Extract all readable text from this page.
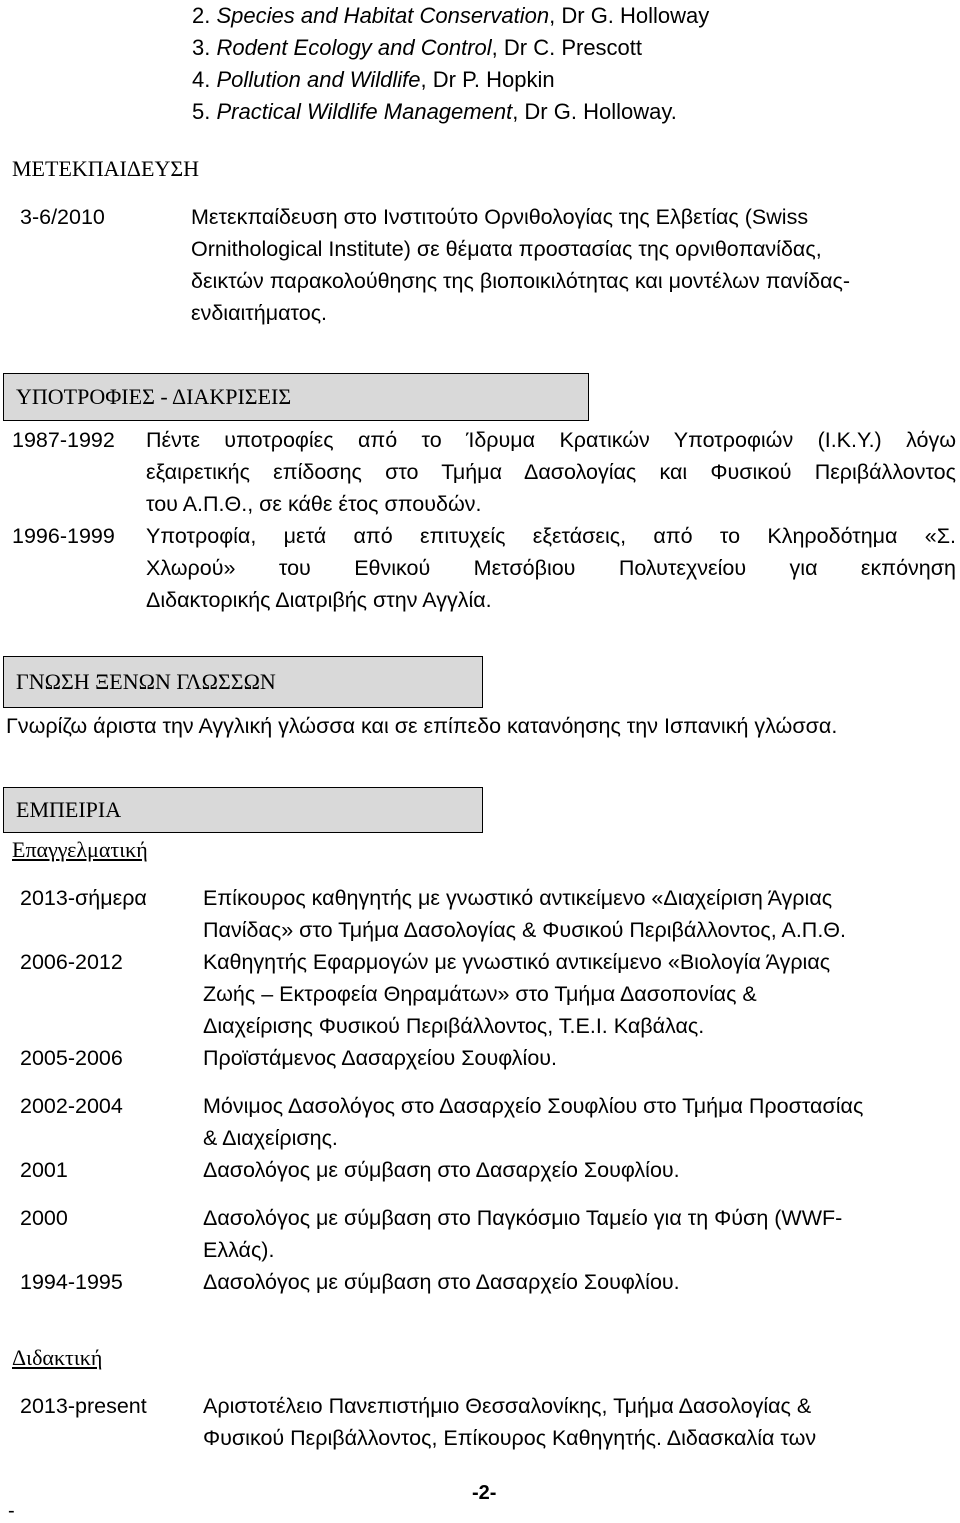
2. Species and Habitat Conservation, Dr G. Holloway
3. Rodent Ecology and Control, Dr C. Prescott
4. Pollution and Wildlife, Dr P. Hopkin
5. Practical Wildlife Management, Dr G. Holloway.
ΜΕΤΕΚΠΑΙΔΕΥΣΗ
3-6/2010	Μετεκπαίδευση στο Ινστιτούτο Ορνιθολογίας της Ελβετίας (Swiss
Ornithological Institute) σε θέματα προστασίας της ορνιθοπανίδας,
δεικτών παρακολούθησης της βιοποικιλότητας και μοντέλων πανίδας-
ενδιαιτήματος.
ΥΠΟΤΡΟΦΙΕΣ - ΔΙΑΚΡΙΣΕΙΣ
1987-1992 Πέντε υποτροφίες από το Ίδρυμα Κρατικών Υποτροφιών (Ι.Κ.Υ.) λόγω
εξαιρετικής επίδοσης στο Τμήμα Δασολογίας και Φυσικού Περιβάλλοντος
του Α.Π.Θ., σε κάθε έτος σπουδών.
1996-1999 Υποτροφία, μετά από επιτυχείς εξετάσεις, από το Κληροδότημα «Σ.
Χλωρού» του Εθνικού Μετσόβιου Πολυτεχνείου για εκπόνηση
Διδακτορικής Διατριβής στην Αγγλία.
ΓΝΩΣΗ ΞΕΝΩΝ ΓΛΩΣΣΩΝ
Γνωρίζω άριστα την Αγγλική γλώσσα και σε επίπεδο κατανόησης την Ισπανική γλώσσα.
ΕΜΠΕΙΡΙΑ
Επαγγελματική
2013-σήμερα	Επίκουρος καθηγητής με γνωστικό αντικείμενο «Διαχείριση Άγριας
Πανίδας» στο Τμήμα Δασολογίας & Φυσικού Περιβάλλοντος, Α.Π.Θ.
2006-2012	Καθηγητής Εφαρμογών με γνωστικό αντικείμενο «Βιολογία Άγριας
Ζωής – Εκτροφεία Θηραμάτων» στο Τμήμα Δασοπονίας &
Διαχείρισης Φυσικού Περιβάλλοντος, Τ.Ε.Ι. Καβάλας.
2005-2006	Προϊστάμενος Δασαρχείου Σουφλίου.
2002-2004	Μόνιμος Δασολόγος στο Δασαρχείο Σουφλίου στο Τμήμα Προστασίας
& Διαχείρισης.
2001	Δασολόγος με σύμβαση στο Δασαρχείο Σουφλίου.
2000	Δασολόγος με σύμβαση στο Παγκόσμιο Ταμείο για τη Φύση (WWF-
Ελλάς).
1994-1995	Δασολόγος με σύμβαση στο Δασαρχείο Σουφλίου.
Διδακτική
2013-present	Αριστοτέλειο Πανεπιστήμιο Θεσσαλονίκης, Τμήμα Δασολογίας &
Φυσικού Περιβάλλοντος, Επίκουρος Καθηγητής. Διδασκαλία των
-2-
-
